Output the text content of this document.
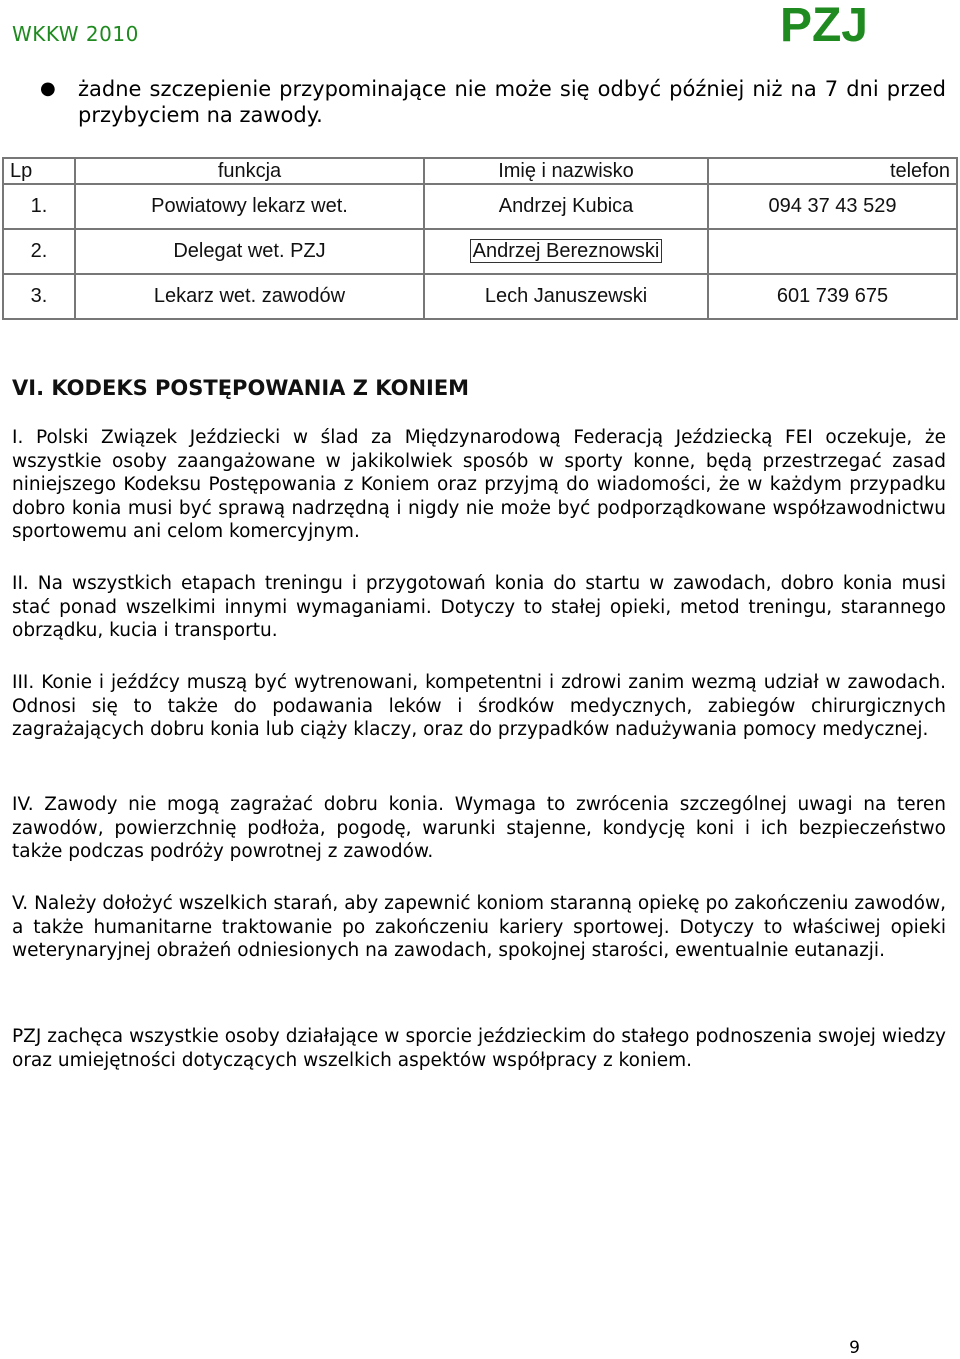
WKKW 2010	PZJ
●	żadne szczepienie przypominające nie może się odbyć później niż na 7 dni przed przybyciem na zawody.
Lp	funkcja	Imię i nazwisko	telefon
1.	Powiatowy lekarz wet.	Andrzej Kubica	094 37 43 529
2.	Delegat wet. PZJ	Andrzej Bereznowski	
3.	Lekarz wet. zawodów	Lech Januszewski	601 739 675
VI. KODEKS POSTĘPOWANIA Z KONIEM
I. Polski Związek Jeździecki w ślad za Międzynarodową Federacją Jeździecką FEI oczekuje, że wszystkie osoby zaangażowane w jakikolwiek sposób w sporty konne, będą przestrzegać zasad niniejszego Kodeksu Postępowania z Koniem oraz przyjmą do wiadomości, że w każdym przypadku dobro konia musi być sprawą nadrzędną i nigdy nie może być podporządkowane współzawodnictwu sportowemu ani celom komercyjnym.
II. Na wszystkich etapach treningu i przygotowań konia do startu w zawodach, dobro konia musi stać ponad wszelkimi innymi wymaganiami. Dotyczy to stałej opieki, metod treningu, starannego obrządku, kucia i transportu.
III. Konie i jeźdźcy muszą być wytrenowani, kompetentni i zdrowi zanim wezmą udział w zawodach. Odnosi się to także do podawania leków i środków medycznych, zabiegów chirurgicznych zagrażających dobru konia lub ciąży klaczy, oraz do przypadków nadużywania pomocy medycznej.
IV. Zawody nie mogą zagrażać dobru konia. Wymaga to zwrócenia szczególnej uwagi na teren zawodów, powierzchnię podłoża, pogodę, warunki stajenne, kondycję koni i ich bezpieczeństwo także podczas podróży powrotnej z zawodów.
V. Należy dołożyć wszelkich starań, aby zapewnić koniom staranną opiekę po zakończeniu zawodów, a także humanitarne traktowanie po zakończeniu kariery sportowej. Dotyczy to właściwej opieki weterynaryjnej obrażeń odniesionych na zawodach, spokojnej starości, ewentualnie eutanazji.
PZJ zachęca wszystkie osoby działające w sporcie jeździeckim do stałego podnoszenia swojej wiedzy oraz umiejętności dotyczących wszelkich aspektów współpracy z koniem.
9
